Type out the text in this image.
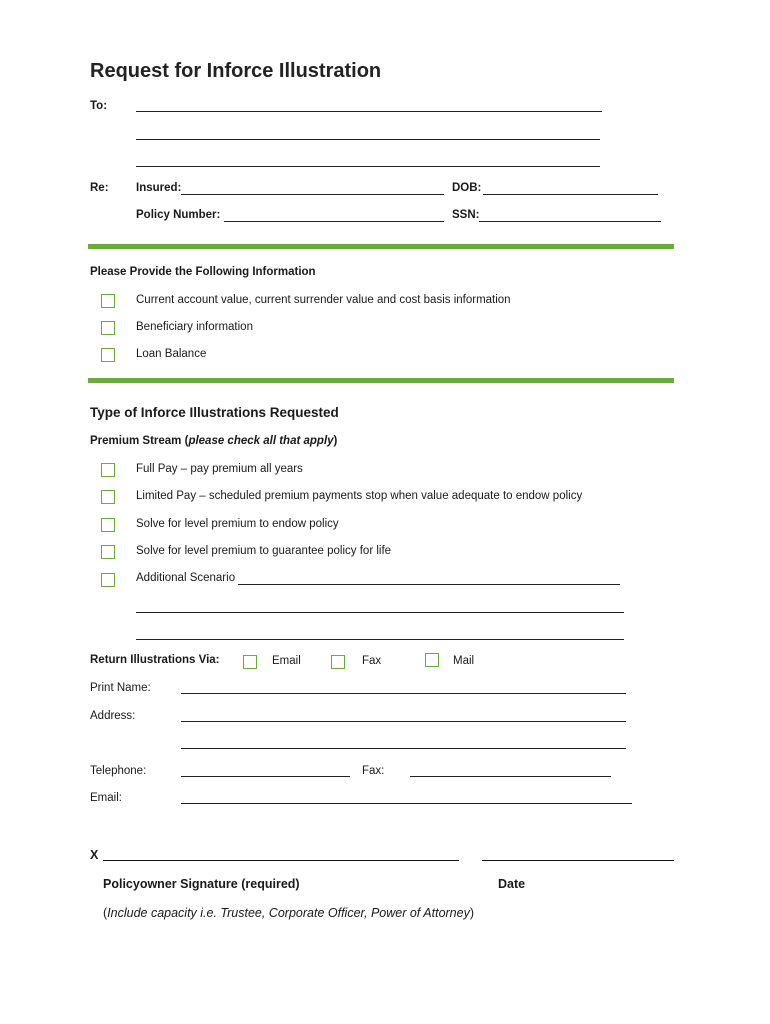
Request for Inforce Illustration
To:
Re: Insured:	DOB:
Policy Number:	SSN:
Please Provide the Following Information
Current account value, current surrender value and cost basis information
Beneficiary information
Loan Balance
Type of Inforce Illustrations Requested
Premium Stream (please check all that apply)
Full Pay – pay premium all years
Limited Pay – scheduled premium payments stop when value adequate to endow policy
Solve for level premium to endow policy
Solve for level premium to guarantee policy for life
Additional Scenario
Return Illustrations Via:	Email	Fax	Mail
Print Name:
Address:
Telephone:	Fax:
Email:
X
Policyowner Signature (required)	Date
(Include capacity i.e. Trustee, Corporate Officer, Power of Attorney)
